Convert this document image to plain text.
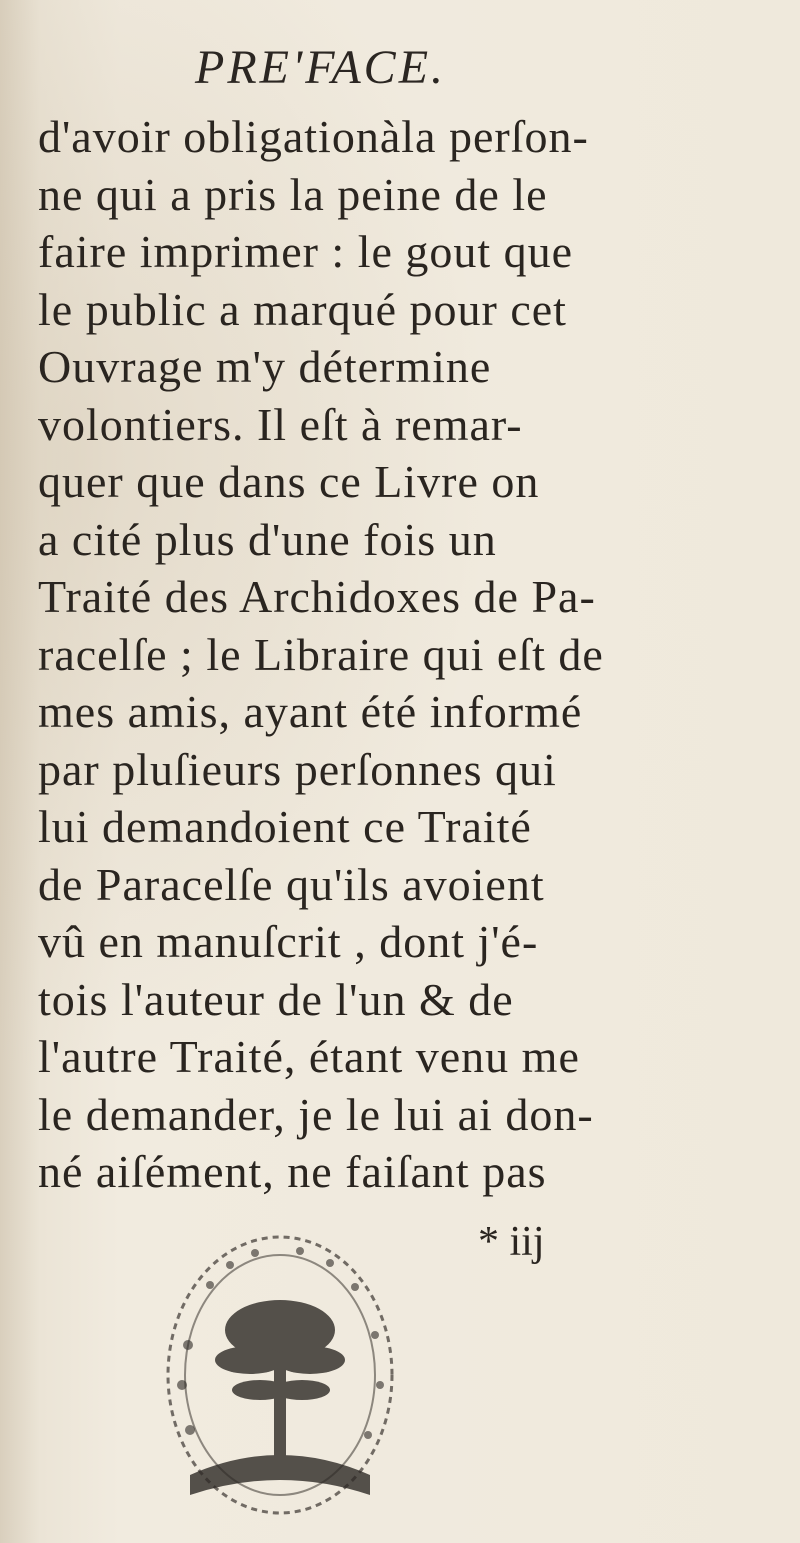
PRE'FACE.
d'avoir obligationàla perſon-
ne qui a pris la peine de le
faire imprimer : le gout que
le public a marqué pour cet
Ouvrage m'y détermine
volontiers. Il eſt à remar-
quer que dans ce Livre on
a cité plus d'une fois un
Traité des Archidoxes de Pa-
racelſe ; le Libraire qui eſt de
mes amis, ayant été informé
par pluſieurs perſonnes qui
lui demandoient ce Traité
de Paracelſe qu'ils avoient
vû en manuſcrit , dont j'é-
tois l'auteur de l'un & de
l'autre Traité, étant venu me
le demander, je le lui ai don-
né aiſément, ne faiſant pas
* iij
